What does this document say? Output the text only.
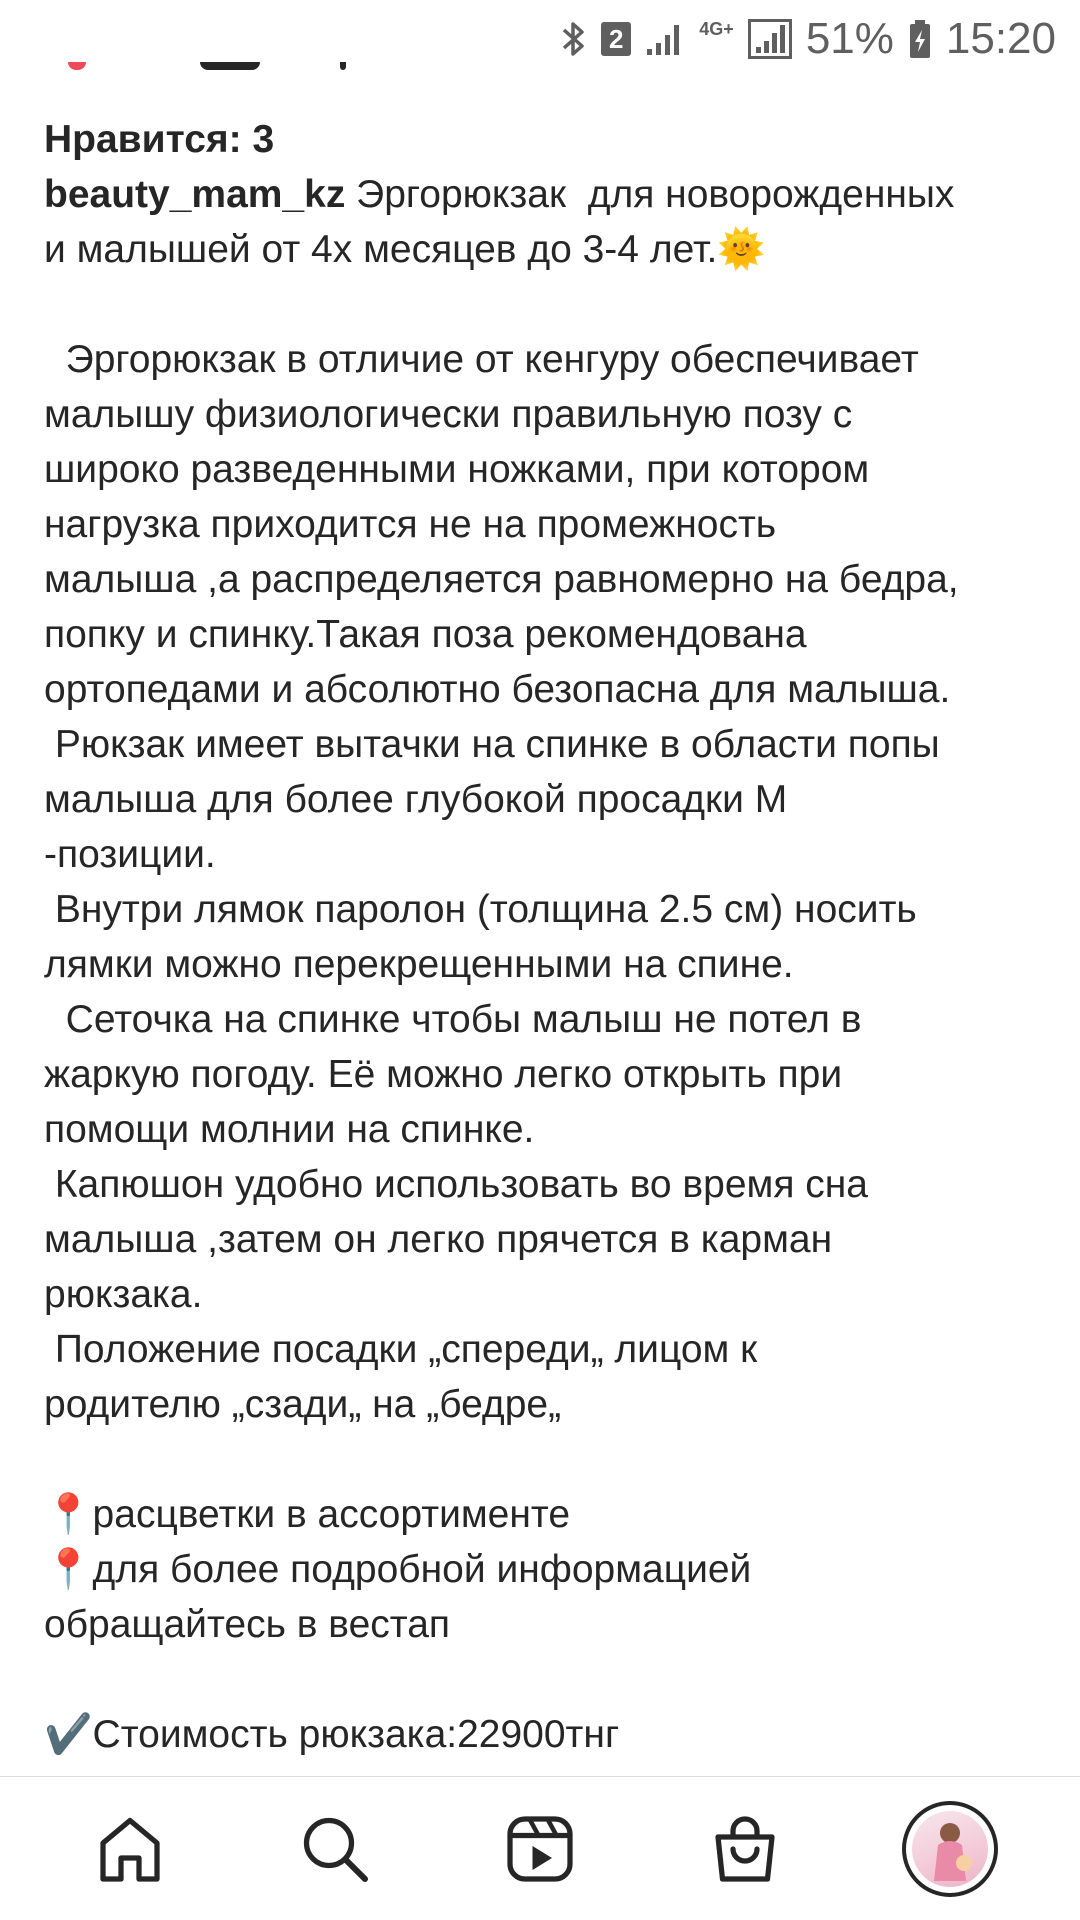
2	4G+ 51% 15:20
Нравится: 3
beauty_mam_kz Эргорюкзак  для новорожденных
и малышей от 4х месяцев до 3-4 лет.🌞

Эргорюкзак в отличие от кенгуру обеспечивает
малышу физиологически правильную позу с
широко разведенными ножками, при котором
нагрузка приходится не на промежность
малыша ,а распределяется равномерно на бедра,
попку и спинку.Такая поза рекомендована
ортопедами и абсолютно безопасна для малыша.
Рюкзак имеет вытачки на спинке в области попы
малыша для более глубокой просадки М
-позиции.
Внутри лямок паролон (толщина 2.5 см) носить
лямки можно перекрещенными на спине.
Сеточка на спинке чтобы малыш не потел в
жаркую погоду. Её можно легко открыть при
помощи молнии на спинке.
Капюшон удобно использовать во время сна
малыша ,затем он легко прячется в карман
рюкзака.
Положение посадки „спереди„ лицом к
родителю „сзади„ на „бедре„

📍расцветки в ассортименте
📍для более подробной информацией
обращайтесь в вестап

✔️Стоимость рюкзака:22900тнг
